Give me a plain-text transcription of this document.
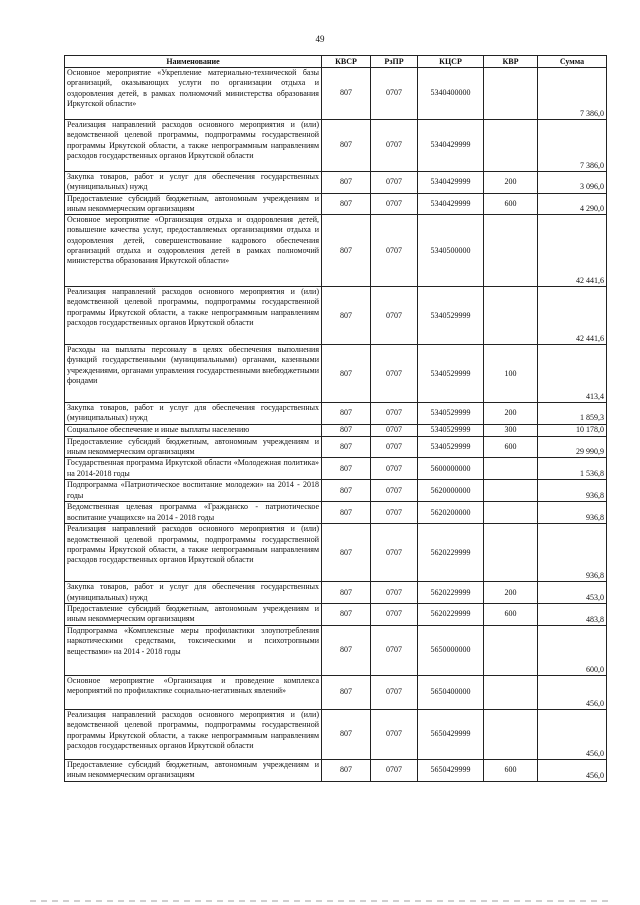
49
Наименование	КВСР	РзПР	КЦСР	КВР	Сумма
Основное мероприятие «Укрепление материально-технической базы организаций, оказывающих услуги по организации отдыха и оздоровления детей, в рамках полномочий министерства образования Иркутской области»	807	0707	5340400000		7 386,0
Реализация направлений расходов основного мероприятия и (или) ведомственной целевой программы, подпрограммы государственной программы Иркутской области, а также непрограммным направлениям расходов государственных органов Иркутской области	807	0707	5340429999		7 386,0
Закупка товаров, работ и услуг для обеспечения государственных (муниципальных) нужд	807	0707	5340429999	200	3 096,0
Предоставление субсидий бюджетным, автономным учреждениям и иным некоммерческим организациям	807	0707	5340429999	600	4 290,0
Основное мероприятие «Организация отдыха и оздоровления детей, повышение качества услуг, предоставляемых организациями отдыха и оздоровления детей, совершенствование кадрового обеспечения организаций отдыха и оздоровления детей в рамках полномочий министерства образования Иркутской области»	807	0707	5340500000		42 441,6
Реализация направлений расходов основного мероприятия и (или) ведомственной целевой программы, подпрограммы государственной программы Иркутской области, а также непрограммным направлениям расходов государственных органов Иркутской области	807	0707	5340529999		42 441,6
Расходы на выплаты персоналу в целях обеспечения выполнения функций государственными (муниципальными) органами, казенными учреждениями, органами управления государственными внебюджетными фондами	807	0707	5340529999	100	413,4
Закупка товаров, работ и услуг для обеспечения государственных (муниципальных) нужд	807	0707	5340529999	200	1 859,3
Социальное обеспечение и иные выплаты населению	807	0707	5340529999	300	10 178,0
Предоставление субсидий бюджетным, автономным учреждениям и иным некоммерческим организациям	807	0707	5340529999	600	29 990,9
Государственная программа Иркутской области «Молодежная политика» на 2014-2018 годы	807	0707	5600000000		1 536,8
Подпрограмма «Патриотическое воспитание молодежи» на 2014 - 2018 годы	807	0707	5620000000		936,8
Ведомственная целевая программа «Гражданско - патриотическое воспитание учащихся» на 2014 - 2018 годы	807	0707	5620200000		936,8
Реализация направлений расходов основного мероприятия и (или) ведомственной целевой программы, подпрограммы государственной программы Иркутской области, а также непрограммным направлениям расходов государственных органов Иркутской области	807	0707	5620229999		936,8
Закупка товаров, работ и услуг для обеспечения государственных (муниципальных) нужд	807	0707	5620229999	200	453,0
Предоставление субсидий бюджетным, автономным учреждениям и иным некоммерческим организациям	807	0707	5620229999	600	483,8
Подпрограмма «Комплексные меры профилактики злоупотребления наркотическими средствами, токсическими и психотропными веществами» на 2014 - 2018 годы	807	0707	5650000000		600,0
Основное мероприятие «Организация и проведение комплекса мероприятий по профилактике социально-негативных явлений»	807	0707	5650400000		456,0
Реализация направлений расходов основного мероприятия и (или) ведомственной целевой программы, подпрограммы государственной программы Иркутской области, а также непрограммным направлениям расходов государственных органов Иркутской области	807	0707	5650429999		456,0
Предоставление субсидий бюджетным, автономным учреждениям и иным некоммерческим организациям	807	0707	5650429999	600	456,0
